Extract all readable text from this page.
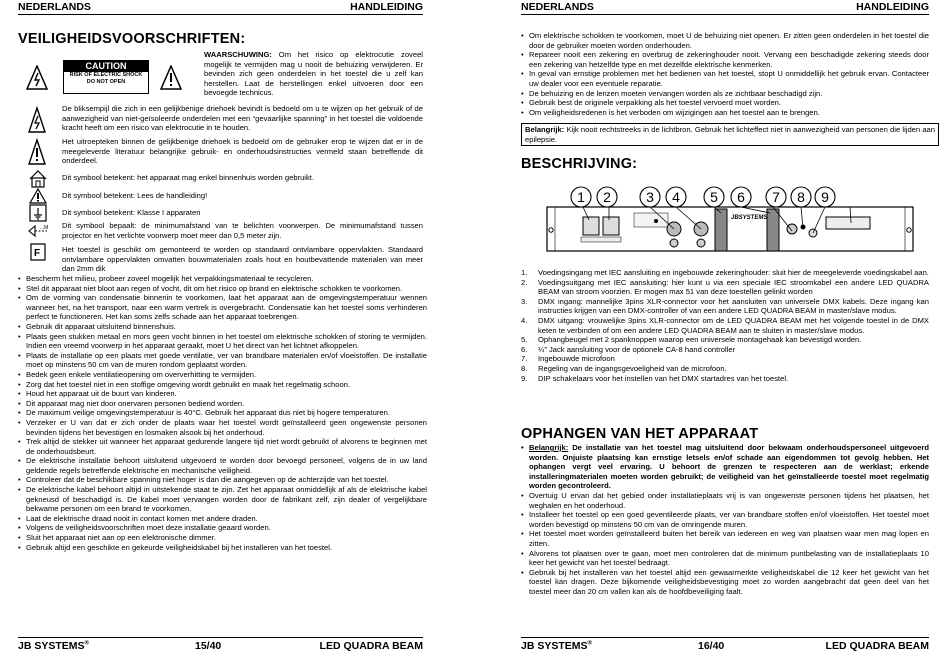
NEDERLANDS	HANDLEIDING
VEILIGHEIDSVOORSCHRIFTEN:
CAUTION
RISK OF ELECTRIC SHOCK
DO NOT OPEN
WAARSCHUWING: Om het risico op elektrocutie zoveel mogelijk te vermijden mag u nooit de behuizing verwijderen. Er bevinden zich geen onderdelen in het toestel die u zelf kan herstellen. Laat de herstellingen enkel uitvoeren door een bevoegde technicus.
De bliksempijl die zich in een gelijkbenige driehoek bevindt is bedoeld om u te wijzen op het gebruik of de aanwezigheid van niet-geïsoleerde onderdelen met een “gevaarlijke spanning” in het toestel die voldoende kracht heeft om een risico van elektrocutie in te houden.
Het uitroepteken binnen de gelijkbenige driehoek is bedoeld om de gebruiker erop te wijzen dat er in de meegeleverde literatuur belangrijke gebruik- en onderhoudsinstructies vermeld staan betreffende dit onderdeel.
Dit symbool betekent: het apparaat mag enkel binnenhuis worden gebruikt.
Dit symbool betekent: Lees de handleiding!
Dit symbool betekent: Klasse I apparaten
...M Dit symbool bepaalt: de minimumafstand van te belichten voorwerpen. De minimumafstand tussen projector en het verlichte voorwerp moet meer dan 0,5 meter zijn.
F	Het toestel is geschikt om gemonteerd te worden op standaard ontvlambare oppervlakten. Standaard ontvlambare oppervlakten omvatten bouwmaterialen zoals hout en houtbevattende materialen van meer dan 2mm dik
• Bescherm het milieu, probeer zoveel mogelijk het verpakkingsmateriaal te recycleren.
• Stel dit apparaat niet bloot aan regen of vocht, dit om het risico op brand en elektrische schokken te voorkomen.
• Om de vorming van condensatie binnenin te voorkomen, laat het apparaat aan de omgevingstemperatuur wennen wanneer het, na het transport, naar een warm vertrek is overgebracht. Condensatie kan het toestel soms verhinderen perfect te functioneren. Het kan soms zelfs schade aan het apparaat toebrengen.
• Gebruik dit apparaat uitsluitend binnenshuis.
• Plaats geen stukken metaal en mors geen vocht binnen in het toestel om elektrische schokken of storing te vermijden. Indien een vreemd voorwerp in het apparaat geraakt, moet U het direct van het lichtnet afkoppelen.
• Plaats de installatie op een plaats met goede ventilatie, ver van brandbare materialen en/of vloeistoffen. De installatie moet op minstens 50 cm van de muren rondom geplaatst worden.
• Bedek geen enkele ventilatieopening om oververhitting te vermijden.
• Zorg dat het toestel niet in een stoffige omgeving wordt gebruikt en maak het regelmatig schoon.
• Houd het apparaat uit de buurt van kinderen.
• Dit apparaat mag niet door onervaren personen bediend worden.
• De maximum veilige omgevingstemperatuur is 40°C. Gebruik het apparaat dus niet bij hogere temperaturen.
• Verzeker er U van dat er zich onder de plaats waar het toestel wordt geïnstalleerd geen ongewenste personen bevinden tijdens het bevestigen en losmaken alsook bij het onderhoud.
• Trek altijd de stekker uit wanneer het apparaat gedurende langere tijd niet wordt gebruikt of alvorens te beginnen met de onderhoudsbeurt.
• De elektrische installatie behoort uitsluitend uitgevoerd te worden door bevoegd personeel, volgens de in uw land geldende regels betreffende elektrische en mechanische veiligheid.
• Controleer dat de beschikbare spanning niet hoger is dan die aangegeven op de achterzijde van het toestel.
• De elektrische kabel behoort altijd in uitstekende staat te zijn. Zet het apparaat onmiddellijk af als de elektrische kabel gekneusd of beschadigd is. De kabel moet vervangen worden door de fabrikant zelf, zijn dealer of vergelijkbare bekwame personen om een brand te voorkomen.
• Laat de elektrische draad nooit in contact komen met andere draden.
• Volgens de veiligheidsvoorschriften moet deze installatie geaard worden.
• Sluit het apparaat niet aan op een elektronische dimmer.
• Gebruik altijd een geschikte en gekeurde veiligheidskabel bij het installeren van het toestel.
JB SYSTEMS®	15/40	LED QUADRA BEAM
NEDERLANDS	HANDLEIDING
• Om elektrische schokken te voorkomen, moet U de behuizing niet openen. Er zitten geen onderdelen in het toestel die door de gebruiker moeten worden onderhouden.
• Repareer nooit een zekering en overbrug de zekeringhouder nooit. Vervang een beschadigde zekering steeds door een zekering van hetzelfde type en met dezelfde elektrische kenmerken.
• In geval van ernstige problemen met het bedienen van het toestel, stopt U onmiddellijk het gebruik ervan. Contacteer uw dealer voor een eventuele reparatie.
• De behuizing en de lenzen moeten vervangen worden als ze zichtbaar beschadigd zijn.
• Gebruik best de originele verpakking als het toestel vervoerd moet worden.
• Om veiligheidsredenen is het verboden om wijzigingen aan het toestel aan te brengen.
Belangrijk: Kijk nooit rechtstreeks in de lichtbron. Gebruik het lichteffect niet in aanwezigheid van personen die lijden aan epilepsie.
BESCHRIJVING:
JBSYSTEMS
1 2	3 4 5 6 7 8 9
1. Voedingsingang met IEC aansluiting en ingebouwde zekeringhouder: sluit hier de meegeleverde voedingskabel aan.
2. Voedingsuitgang met IEC aansluiting: hier kunt u via een speciale IEC stroomkabel een andere LED QUADRA BEAM van stroom voorzien. Er mogen max 51 van deze toestellen gelinkt worden
3. DMX ingang: mannelijke 3pins XLR-connector voor het aansluiten van universele DMX kabels. Deze ingang kan instructies krijgen van een DMX-controller of van een andere LED QUADRA BEAM in master/slave modus.
4. DMX uitgang: vrouwelijke 3pins XLR-connector om de LED QUADRA BEAM met het volgende toestel in de DMX keten te verbinden of om een andere LED QUADRA BEAM aan te sluiten in master/slave modus.
5. Ophangbeugel met 2 spanknoppen waarop een universele montagehaak kan bevestigd worden.
6. ¼” Jack aansluiting voor de optionele CA-8 hand controller
7. Ingebouwde microfoon
8. Regeling van de ingangsgevoeligheid van de microfoon.
9. DIP schakelaars voor het instellen van het DMX startadres van het toestel.
OPHANGEN VAN HET APPARAAT
• Belangrijk: De installatie van het toestel mag uitsluitend door bekwaam onderhoudspersoneel uitgevoerd worden. Onjuiste plaatsing kan ernstige letsels en/of schade aan eigendommen tot gevolg hebben. Het ophangen vergt veel ervaring. U behoort de grenzen te respecteren aan de werklast; erkende installeringmaterialen moeten worden gebruikt; de veiligheid van het geïnstalleerde toestel moet regelmatig worden gecontroleerd.
• Overtuig U ervan dat het gebied onder installatieplaats vrij is van ongewenste personen tijdens het plaatsen, het weghalen en het onderhoud.
• Installeer het toestel op een goed geventileerde plaats, ver van brandbare stoffen en/of vloeistoffen. Het toestel moet worden bevestigd op minstens 50 cm van de omringende muren.
• Het toestel moet worden geïnstalleerd buiten het bereik van iedereen en weg van plaatsen waar men mag lopen en zitten.
• Alvorens tot plaatsen over te gaan, moet men controleren dat de minimum puntbelasting van de installatieplaats 10 keer het gewicht van het toestel bedraagt.
• Gebruik bij het installeren van het toestel altijd een gewaarmerkte veiligheidskabel die 12 keer het gewicht van het toestel kan dragen. Deze bijkomende veiligheidsbevestiging moet zo worden aangebracht dat geen deel van het toestel meer dan 20 cm vallen kan als de hoofdbeveiliging faalt.
JB SYSTEMS®	16/40	LED QUADRA BEAM
